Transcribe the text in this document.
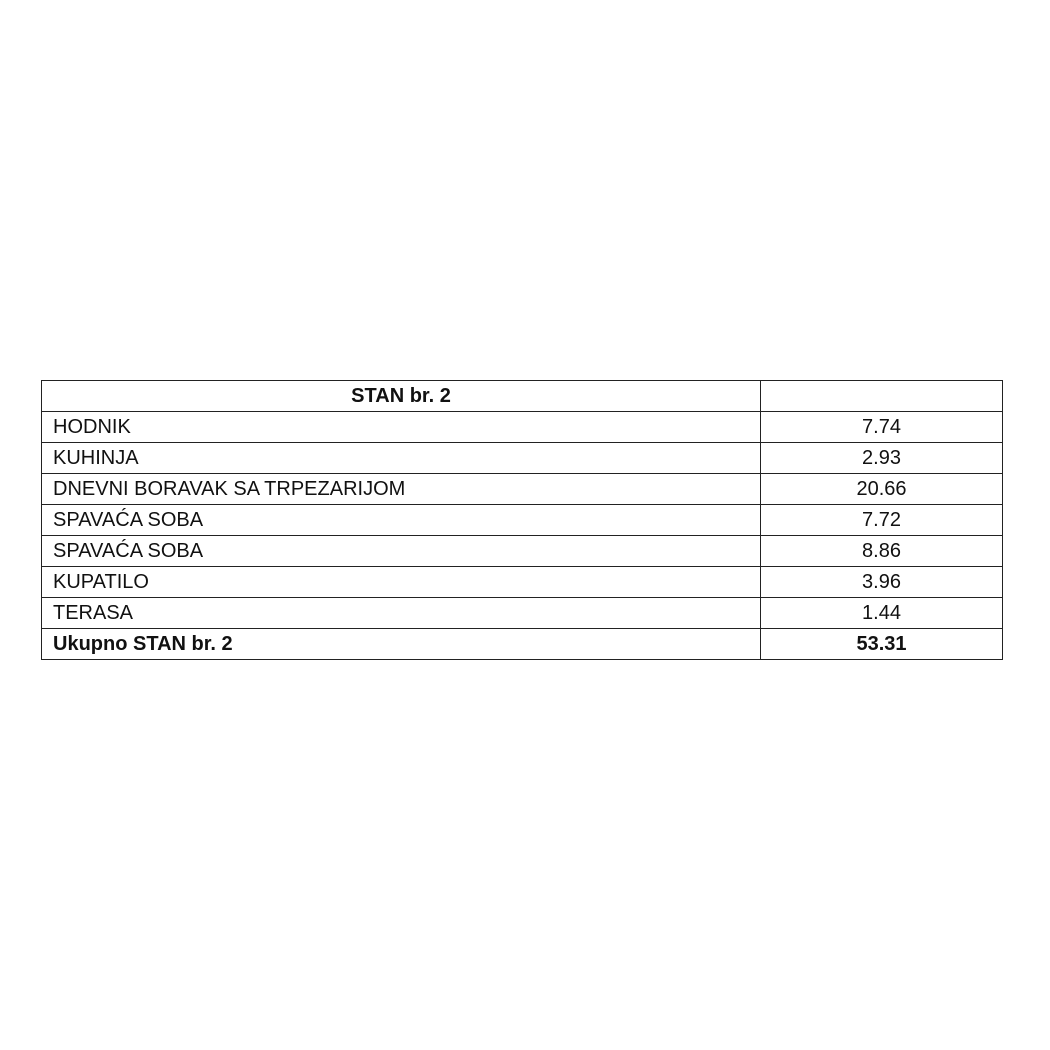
STAN br. 2	
HODNIK	7.74
KUHINJA	2.93
DNEVNI BORAVAK SA TRPEZARIJOM	20.66
SPAVAĆA SOBA	7.72
SPAVAĆA SOBA	8.86
KUPATILO	3.96
TERASA	1.44
Ukupno STAN br. 2	53.31
